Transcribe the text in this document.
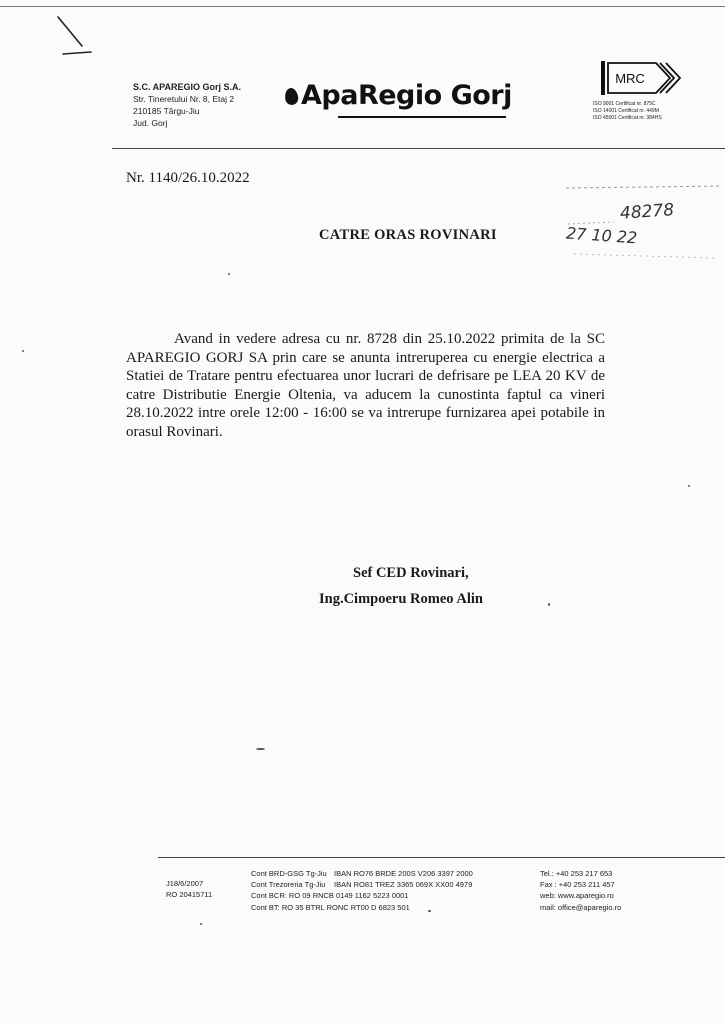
S.C. APAREGIO Gorj S.A.
Str. Tineretului Nr. 8, Etaj 2
210185 Târgu-Jiu
Jud. Gorj
ApaRegio Gorj
MRC
ISO 9001 Certificat nr. 875C
ISO 14001 Certificat nr. 449M
ISO 45001 Certificat nr. 384HS
Nr. 1140/26.10.2022
48278
27 10 22
CATRE ORAS ROVINARI
Avand in vedere adresa cu nr. 8728 din 25.10.2022 primita de la SC APAREGIO GORJ SA prin care se anunta intreruperea cu energie electrica a Statiei de Tratare pentru efectuarea unor lucrari de defrisare pe LEA 20 KV de catre Distributie Energie Oltenia, va aducem la cunostinta faptul ca vineri 28.10.2022 intre orele 12:00 - 16:00 se va intrerupe furnizarea apei potabile in orasul Rovinari.
Sef CED Rovinari,
Ing.Cimpoeru Romeo Alin
J18/6/2007
RO 20415711
Cont BRD-GSG Tg-Jiu IBAN RO76 BRDE 200S V206 3397 2000
Cont Trezoreria Tg-Jiu IBAN RO81 TREZ 3365 069X XX00 4979
Cont BCR: RO 09 RNCB 0149 1162 5223 0001
Cont BT: RO 35 BTRL RONC RT00 D 6823 501
Tel.: +40 253 217 653
Fax : +40 253 211 457
web: www.aparegio.ro
mail: office@aparegio.ro
